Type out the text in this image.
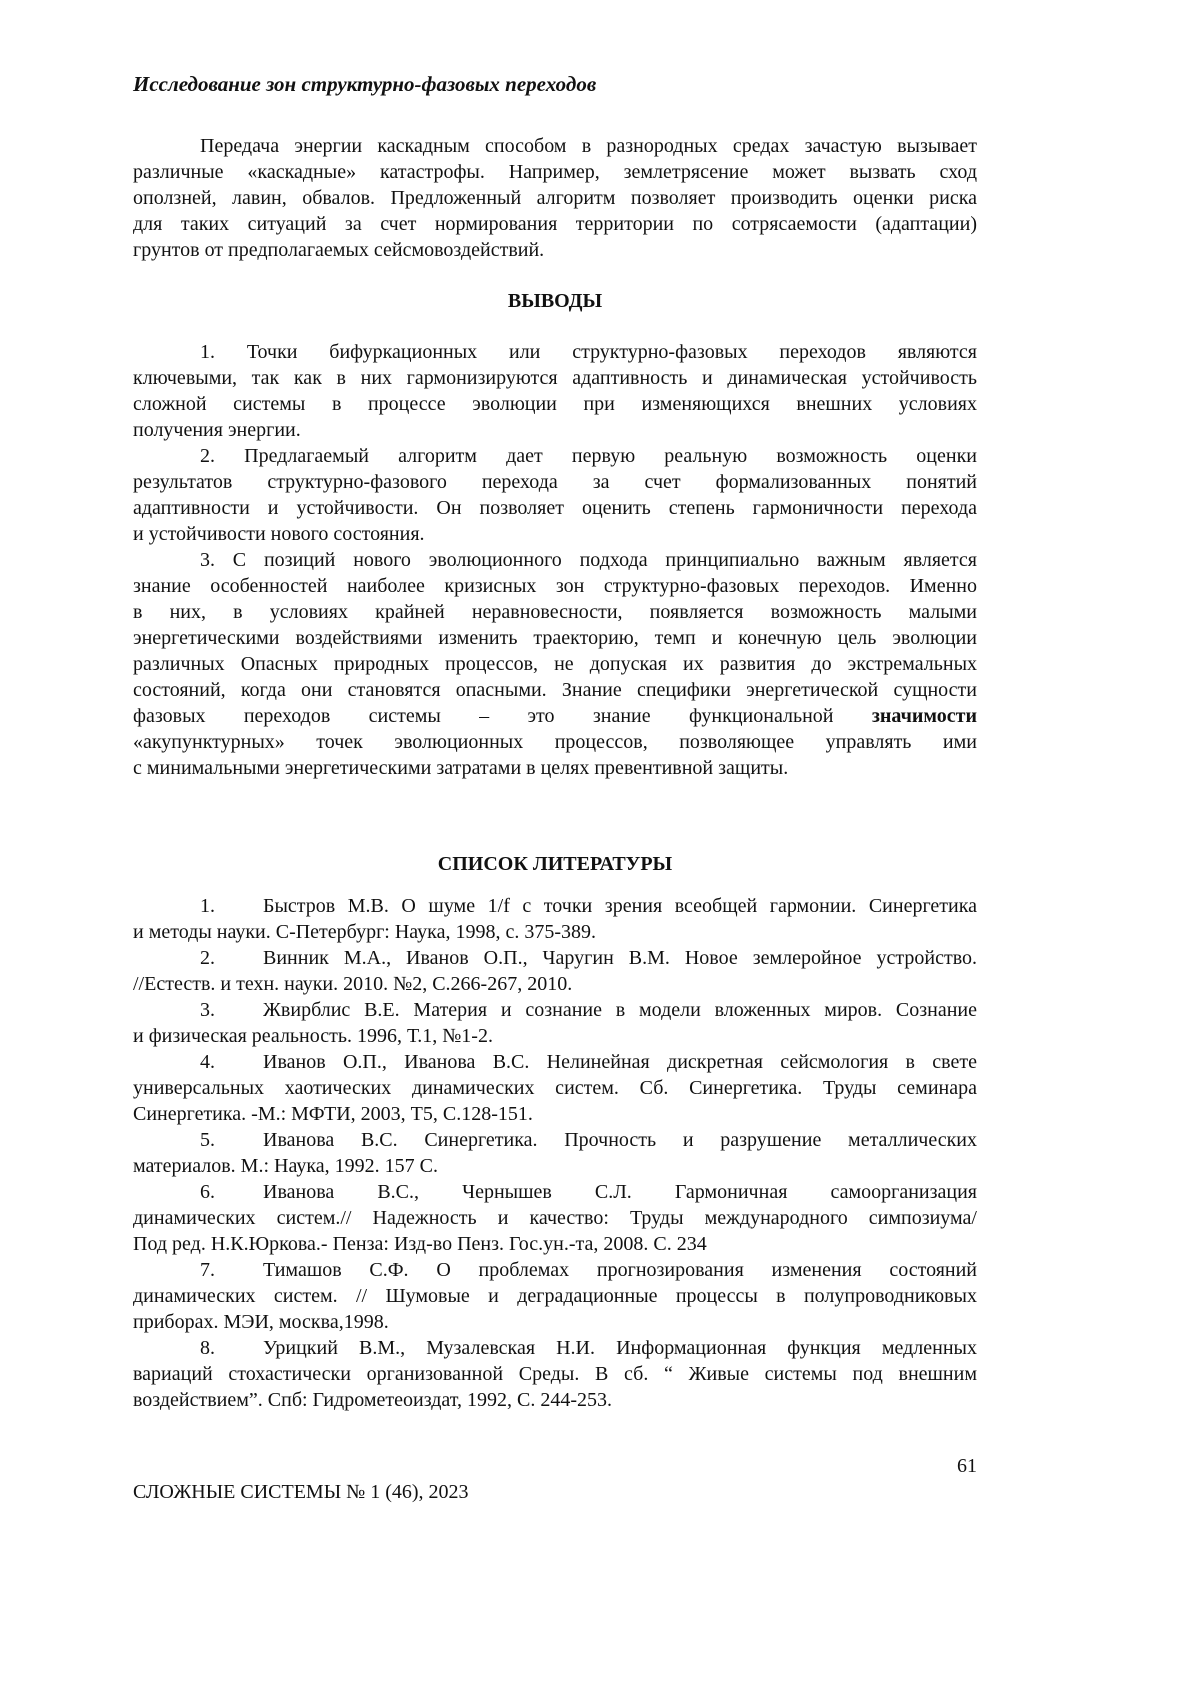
Исследование зон структурно-фазовых переходов
Передача энергии каскадным способом в разнородных средах зачастую вызывает
различные «каскадные» катастрофы. Например, землетрясение может вызвать сход
оползней, лавин, обвалов. Предложенный алгоритм позволяет производить оценки риска
для таких ситуаций за счет нормирования территории по сотрясаемости (адаптации)
грунтов от предполагаемых сейсмовоздействий.
ВЫВОДЫ
1. Точки бифуркационных или структурно-фазовых переходов являются
ключевыми, так как в них гармонизируются адаптивность и динамическая устойчивость
сложной системы в процессе эволюции при изменяющихся внешних условиях
получения энергии.
2. Предлагаемый алгоритм дает первую реальную возможность оценки
результатов структурно-фазового перехода за счет формализованных понятий
адаптивности и устойчивости. Он позволяет оценить степень гармоничности перехода
и устойчивости нового состояния.
3. С позиций нового эволюционного подхода принципиально важным является
знание особенностей наиболее кризисных зон структурно-фазовых переходов. Именно
в них, в условиях крайней неравновесности, появляется возможность малыми
энергетическими воздействиями изменить траекторию, темп и конечную цель эволюции
различных Опасных природных процессов, не допуская их развития до экстремальных
состояний, когда они становятся опасными. Знание специфики энергетической сущности
фазовых переходов системы – это знание функциональной значимости
«акупунктурных» точек эволюционных процессов, позволяющее управлять ими
с минимальными энергетическими затратами в целях превентивной защиты.
СПИСОК ЛИТЕРАТУРЫ
1.	Быстров М.В. О шуме 1/f с точки зрения всеобщей гармонии. Синергетика
и методы науки. С-Петербург: Наука, 1998, с. 375-389.
2.	Винник М.А., Иванов О.П., Чаругин В.М. Новое землеройное устройство.
//Естеств. и техн. науки. 2010. №2, С.266-267, 2010.
3.	Жвирблис В.Е. Материя и сознание в модели вложенных миров. Сознание
и физическая реальность. 1996, Т.1, №1-2.
4.	Иванов О.П., Иванова В.С. Нелинейная дискретная сейсмология в свете
универсальных хаотических динамических систем. Сб. Синергетика. Труды семинара
Синергетика. -М.: МФТИ, 2003, Т5, С.128-151.
5.	Иванова В.С. Синергетика. Прочность и разрушение металлических
материалов. М.: Наука, 1992. 157 С.
6.	Иванова В.С., Чернышев С.Л. Гармоничная самоорганизация
динамических систем.// Надежность и качество: Труды международного симпозиума/
Под ред. Н.К.Юркова.- Пенза: Изд-во Пенз. Гос.ун.-та, 2008. С. 234
7.	Тимашов С.Ф. О проблемах прогнозирования изменения состояний
динамических систем. // Шумовые и деградационные процессы в полупроводниковых
приборах. МЭИ, москва,1998.
8.	Урицкий В.М., Музалевская Н.И. Информационная функция медленных
вариаций стохастически организованной Среды. В сб. “ Живые системы под внешним
воздействием”. Спб: Гидрометеоиздат, 1992, С. 244-253.
61
СЛОЖНЫЕ СИСТЕМЫ № 1 (46), 2023
